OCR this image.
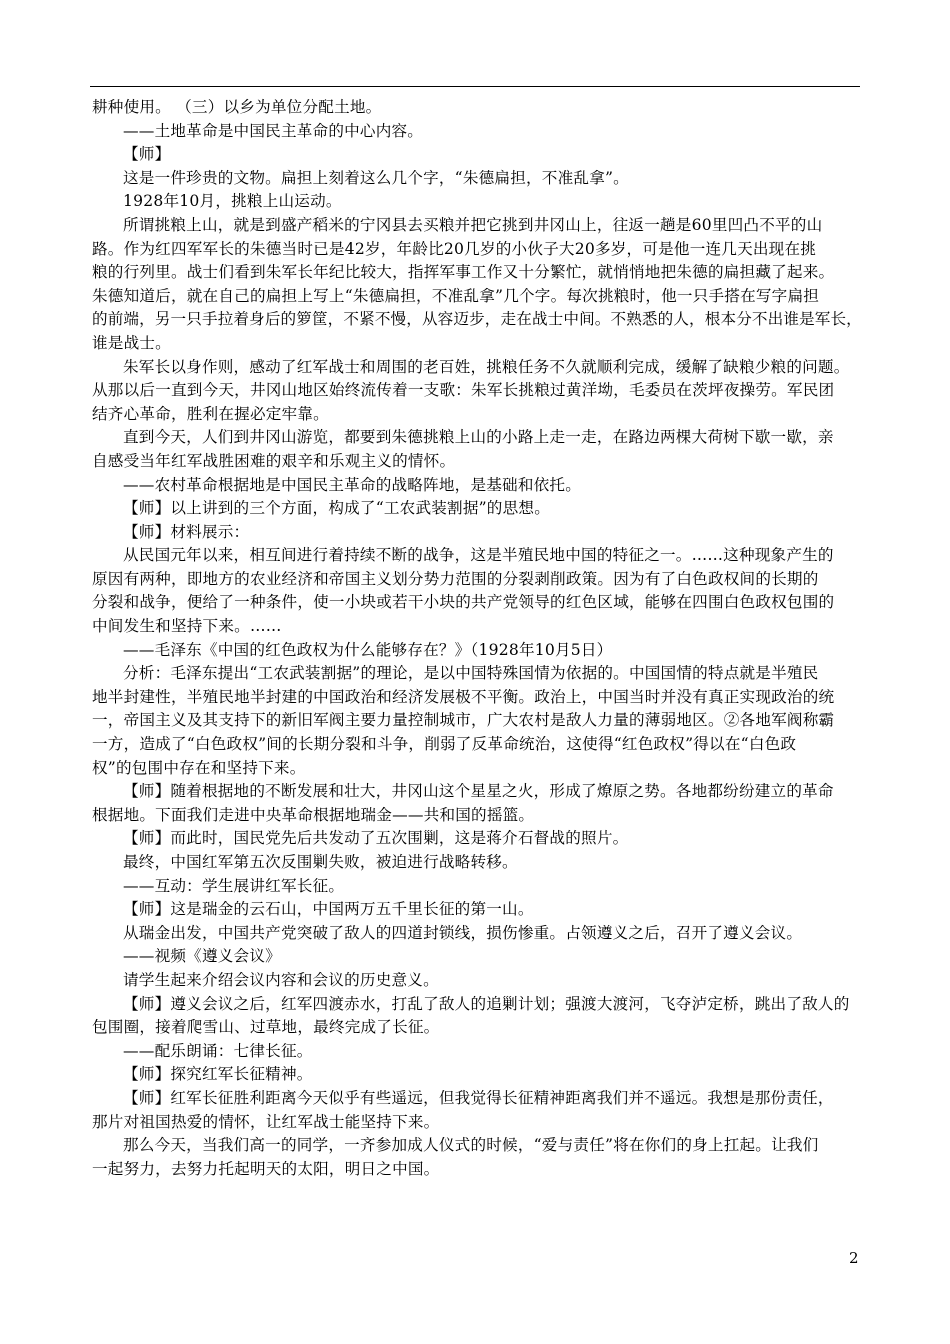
耕种使用。 （三）以乡为单位分配土地。
——土地革命是中国民主革命的中心内容。
【师】
这是一件珍贵的文物。扁担上刻着这么几个字，“朱德扁担，不准乱拿”。
1928年10月，挑粮上山运动。
所谓挑粮上山，就是到盛产稻米的宁冈县去买粮并把它挑到井冈山上，往返一趟是60里凹凸不平的山
路。作为红四军军长的朱德当时已是42岁，年龄比20几岁的小伙子大20多岁，可是他一连几天出现在挑
粮的行列里。战士们看到朱军长年纪比较大，指挥军事工作又十分繁忙，就悄悄地把朱德的扁担藏了起来。
朱德知道后，就在自己的扁担上写上“朱德扁担，不准乱拿”几个字。每次挑粮时，他一只手搭在写字扁担
的前端，另一只手拉着身后的箩筐，不紧不慢，从容迈步，走在战士中间。不熟悉的人，根本分不出谁是军长，
谁是战士。
朱军长以身作则，感动了红军战士和周围的老百姓，挑粮任务不久就顺利完成，缓解了缺粮少粮的问题。
从那以后一直到今天，井冈山地区始终流传着一支歌：朱军长挑粮过黄洋坳，毛委员在茨坪夜操劳。军民团
结齐心革命，胜利在握必定牢靠。
直到今天，人们到井冈山游览，都要到朱德挑粮上山的小路上走一走，在路边两棵大荷树下歇一歇，亲
自感受当年红军战胜困难的艰辛和乐观主义的情怀。
——农村革命根据地是中国民主革命的战略阵地，是基础和依托。
【师】以上讲到的三个方面，构成了“工农武装割据”的思想。
【师】材料展示：
从民国元年以来，相互间进行着持续不断的战争，这是半殖民地中国的特征之一。……这种现象产生的
原因有两种，即地方的农业经济和帝国主义划分势力范围的分裂剥削政策。因为有了白色政权间的长期的
分裂和战争，便给了一种条件，使一小块或若干小块的共产党领导的红色区域，能够在四围白色政权包围的
中间发生和坚持下来。……
——毛泽东《中国的红色政权为什么能够存在？》（1928年10月5日）
分析：毛泽东提出“工农武装割据”的理论，是以中国特殊国情为依据的。中国国情的特点就是半殖民
地半封建性，半殖民地半封建的中国政治和经济发展极不平衡。政治上，中国当时并没有真正实现政治的统
一，帝国主义及其支持下的新旧军阀主要力量控制城市，广大农村是敌人力量的薄弱地区。②各地军阀称霸
一方，造成了“白色政权”间的长期分裂和斗争，削弱了反革命统治，这使得“红色政权”得以在“白色政
权”的包围中存在和坚持下来。
【师】随着根据地的不断发展和壮大，井冈山这个星星之火，形成了燎原之势。各地都纷纷建立的革命
根据地。下面我们走进中央革命根据地瑞金——共和国的摇篮。
【师】而此时，国民党先后共发动了五次围剿，这是蒋介石督战的照片。
最终，中国红军第五次反围剿失败，被迫进行战略转移。
——互动：学生展讲红军长征。
【师】这是瑞金的云石山，中国两万五千里长征的第一山。
从瑞金出发，中国共产党突破了敌人的四道封锁线，损伤惨重。占领遵义之后，召开了遵义会议。
——视频《遵义会议》
请学生起来介绍会议内容和会议的历史意义。
【师】遵义会议之后，红军四渡赤水，打乱了敌人的追剿计划；强渡大渡河，飞夺泸定桥，跳出了敌人的
包围圈，接着爬雪山、过草地，最终完成了长征。
——配乐朗诵：七律长征。
【师】探究红军长征精神。
【师】红军长征胜利距离今天似乎有些遥远，但我觉得长征精神距离我们并不遥远。我想是那份责任，
那片对祖国热爱的情怀，让红军战士能坚持下来。
那么今天，当我们高一的同学，一齐参加成人仪式的时候，“爱与责任”将在你们的身上扛起。让我们
一起努力，去努力托起明天的太阳，明日之中国。
2
